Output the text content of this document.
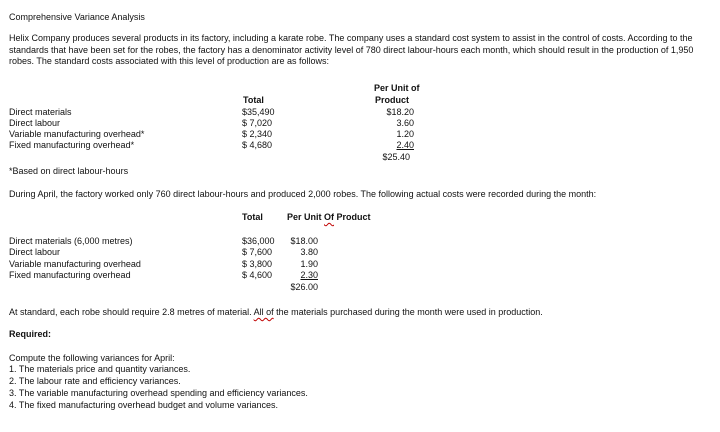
Comprehensive Variance Analysis
Helix Company produces several products in its factory, including a karate robe. The company uses a standard cost system to assist in the control of costs. According to the standards that have been set for the robes, the factory has a denominator activity level of 780 direct labour-hours each month, which should result in the production of 1,950 robes. The standard costs associated with this level of production are as follows:
Per Unit of
Total	Product
Direct materials	$35,490	$18.20
Direct labour	$ 7,020	3.60
Variable manufacturing overhead*	$ 2,340	1.20
Fixed manufacturing overhead*	$ 4,680	2.40
$25.40
*Based on direct labour-hours
During April, the factory worked only 760 direct labour-hours and produced 2,000 robes. The following actual costs were recorded during the month:
Total	Per Unit Of Product
Direct materials (6,000 metres)	$36,000	$18.00
Direct labour	$ 7,600	3.80
Variable manufacturing overhead	$ 3,800	1.90
Fixed manufacturing overhead	$ 4,600	2.30
$26.00
At standard, each robe should require 2.8 metres of material. All of the materials purchased during the month were used in production.
Required:
Compute the following variances for April:
1. The materials price and quantity variances.
2. The labour rate and efficiency variances.
3. The variable manufacturing overhead spending and efficiency variances.
4. The fixed manufacturing overhead budget and volume variances.
